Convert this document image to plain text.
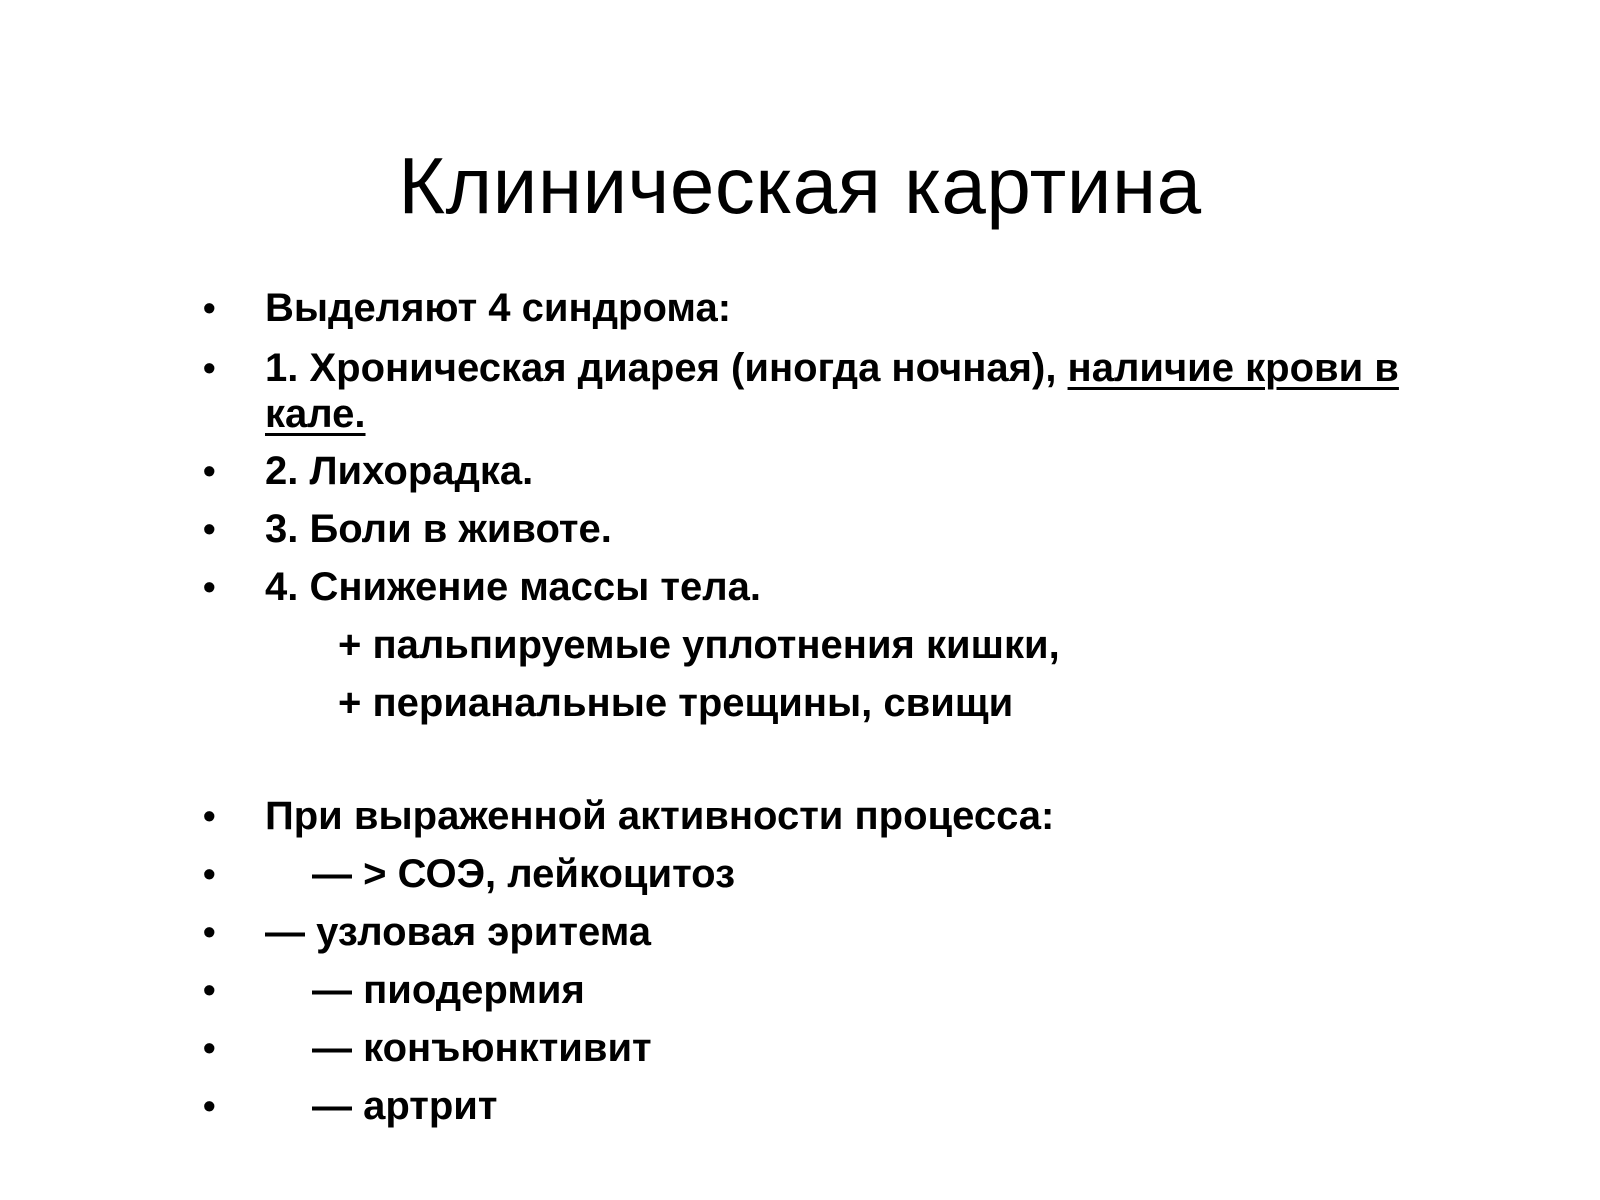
Клиническая картина
• Выделяют 4 синдрома:
• 1. Хроническая диарея (иногда ночная), наличие крови в
кале.
• 2. Лихорадка.
• 3. Боли в животе.
• 4. Снижение массы тела.
+ пальпируемые уплотнения кишки,
+ перианальные трещины, свищи
• При выраженной активности процесса:
• — > СОЭ, лейкоцитоз
• — узловая эритема
• — пиодермия
• — конъюнктивит
• — артрит
